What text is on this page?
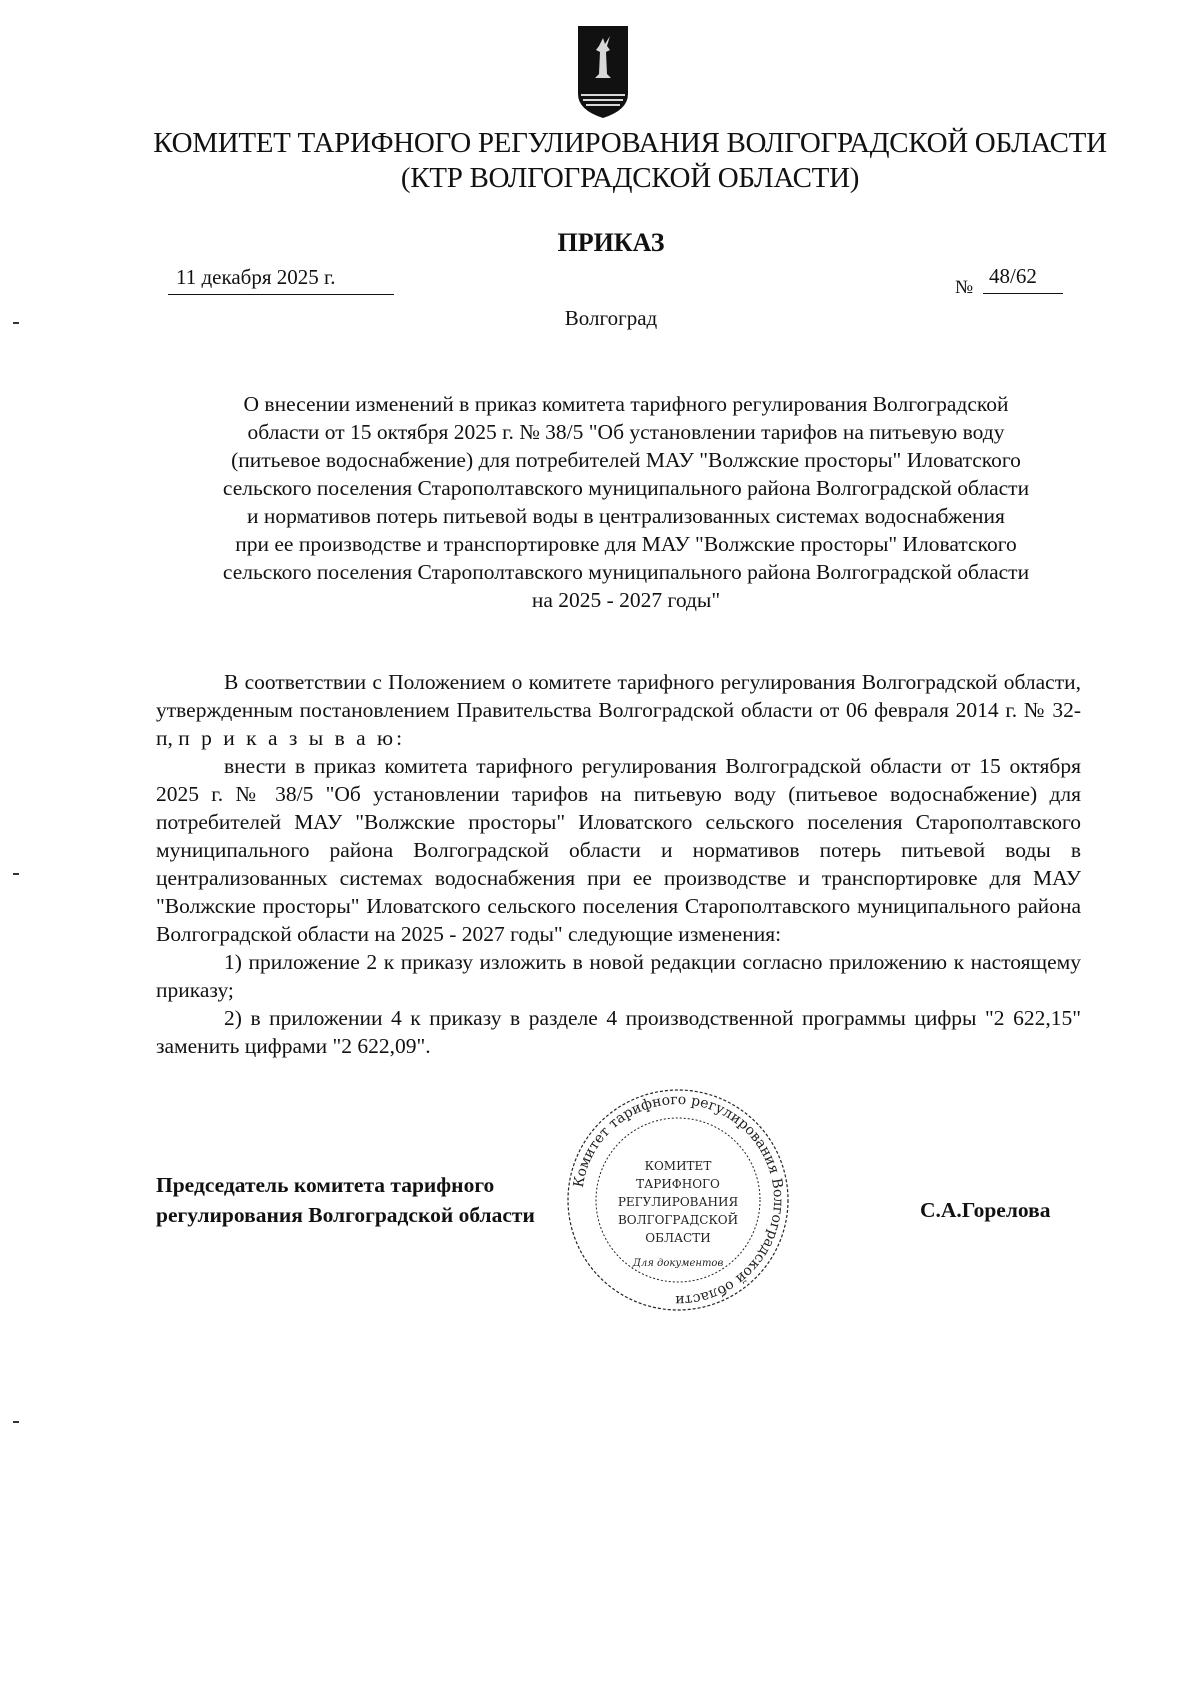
КОМИТЕТ ТАРИФНОГО РЕГУЛИРОВАНИЯ ВОЛГОГРАДСКОЙ ОБЛАСТИ
(КТР ВОЛГОГРАДСКОЙ ОБЛАСТИ)
ПРИКАЗ
11 декабря 2025 г.	№ 48/62
Волгоград
О внесении изменений в приказ комитета тарифного регулирования Волгоградской
области от 15 октября 2025 г. № 38/5 "Об установлении тарифов на питьевую воду
(питьевое водоснабжение) для потребителей МАУ "Волжские просторы" Иловатского
сельского поселения Старополтавского муниципального района Волгоградской области
и нормативов потерь питьевой воды в централизованных системах водоснабжения
при ее производстве и транспортировке для МАУ "Волжские просторы" Иловатского
сельского поселения Старополтавского муниципального района Волгоградской области
на 2025 - 2027 годы"

В соответствии с Положением о комитете тарифного регулирования Волгоградской области, утвержденным постановлением Правительства Волгоградской области от 06 февраля 2014 г. № 32-п, п р и к а з ы в а ю:

внести в приказ комитета тарифного регулирования Волгоградской области от 15 октября 2025 г. № 38/5 "Об установлении тарифов на питьевую воду (питьевое водоснабжение) для потребителей МАУ "Волжские просторы" Иловатского сельского поселения Старополтавского муниципального района Волгоградской области и нормативов потерь питьевой воды в централизованных системах водоснабжения при ее производстве и транспортировке для МАУ "Волжские просторы" Иловатского сельского поселения Старополтавского муниципального района Волгоградской области на 2025 - 2027 годы" следующие изменения:

1) приложение 2 к приказу изложить в новой редакции согласно приложению к настоящему приказу;

2) в приложении 4 к приказу в разделе 4 производственной программы цифры "2 622,15" заменить цифрами "2 622,09".

Председатель комитета тарифного
регулирования Волгоградской области	С.А.Горелова
Комитет тарифного регулирования Волгоградской области
КОМИТЕТ
ТАРИФНОГО
РЕГУЛИРОВАНИЯ
ВОЛГОГРАДСКОЙ
ОБЛАСТИ
Для документов
